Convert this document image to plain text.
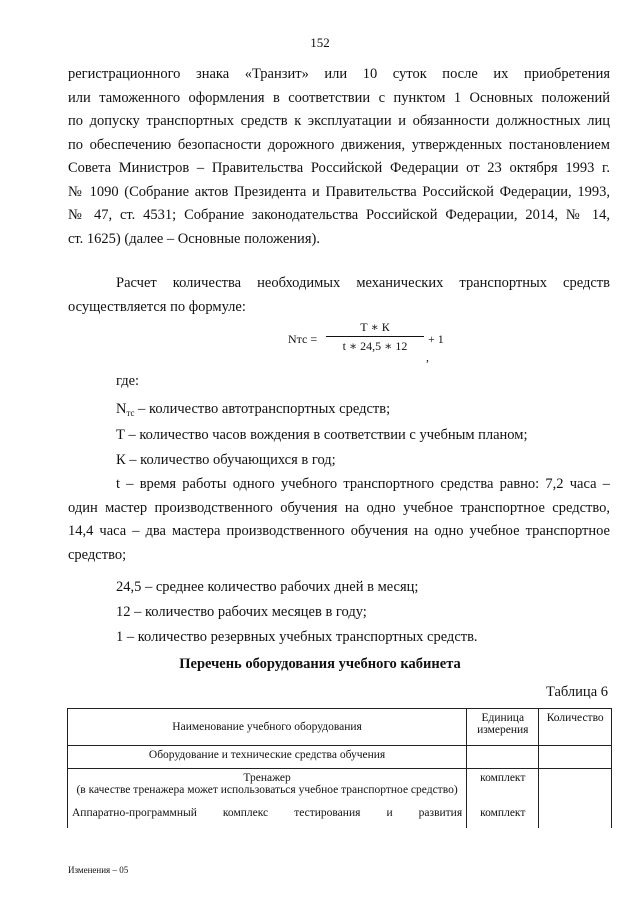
152
регистрационного знака «Транзит» или 10 суток после их приобретения
или таможенного оформления в соответствии с пунктом 1 Основных положений
по допуску транспортных средств к эксплуатации и обязанности должностных лиц
по обеспечению безопасности дорожного движения, утвержденных постановлением
Совета Министров – Правительства Российской Федерации от 23 октября 1993 г.
№ 1090 (Собрание актов Президента и Правительства Российской Федерации, 1993,
№ 47, ст. 4531; Собрание законодательства Российской Федерации, 2014, № 14,
ст. 1625) (далее – Основные положения).
Расчет количества необходимых механических транспортных средств
осуществляется по формуле:
Nтс =
Т ∗ К
t ∗ 24,5 ∗ 12	+ 1
,
где:
$N_{тс}$ – количество автотранспортных средств;
Т – количество часов вождения в соответствии с учебным планом;
К – количество обучающихся в год;
t – время работы одного учебного транспортного средства равно: 7,2 часа –
один мастер производственного обучения на одно учебное транспортное средство,
14,4 часа – два мастера производственного обучения на одно учебное транспортное
средство;
24,5 – среднее количество рабочих дней в месяц;
12 – количество рабочих месяцев в году;
1 – количество резервных учебных транспортных средств.
Перечень оборудования учебного кабинета
Таблица 6
Наименование учебного оборудования	Единица измерения	Количество
Оборудование и технические средства обучения		

Тренажер
(в качестве тренажера может использоваться учебное транспортное средство)	комплект	

Аппаратно-программный комплекс тестирования и развития	комплект	
Изменения – 05
